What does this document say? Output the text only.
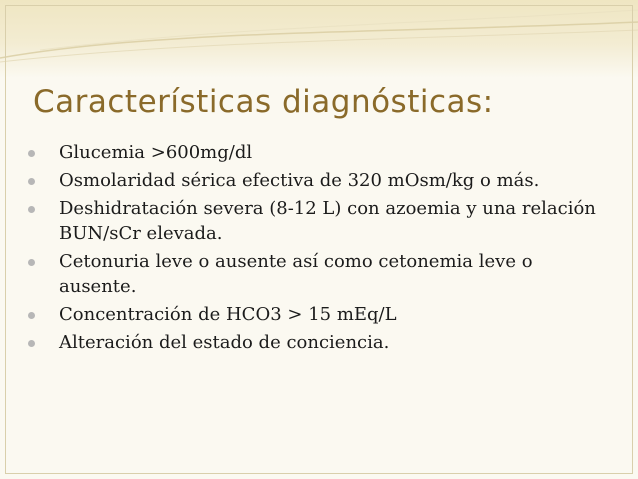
Características diagnósticas:
Glucemia >600mg/dl
Osmolaridad sérica efectiva de 320 mOsm/kg o más.
Deshidratación severa (8-12 L) con azoemia y una relación BUN/sCr elevada.
Cetonuria leve o ausente así como cetonemia leve o ausente.
Concentración de HCO3 > 15 mEq/L
Alteración del estado de conciencia.
